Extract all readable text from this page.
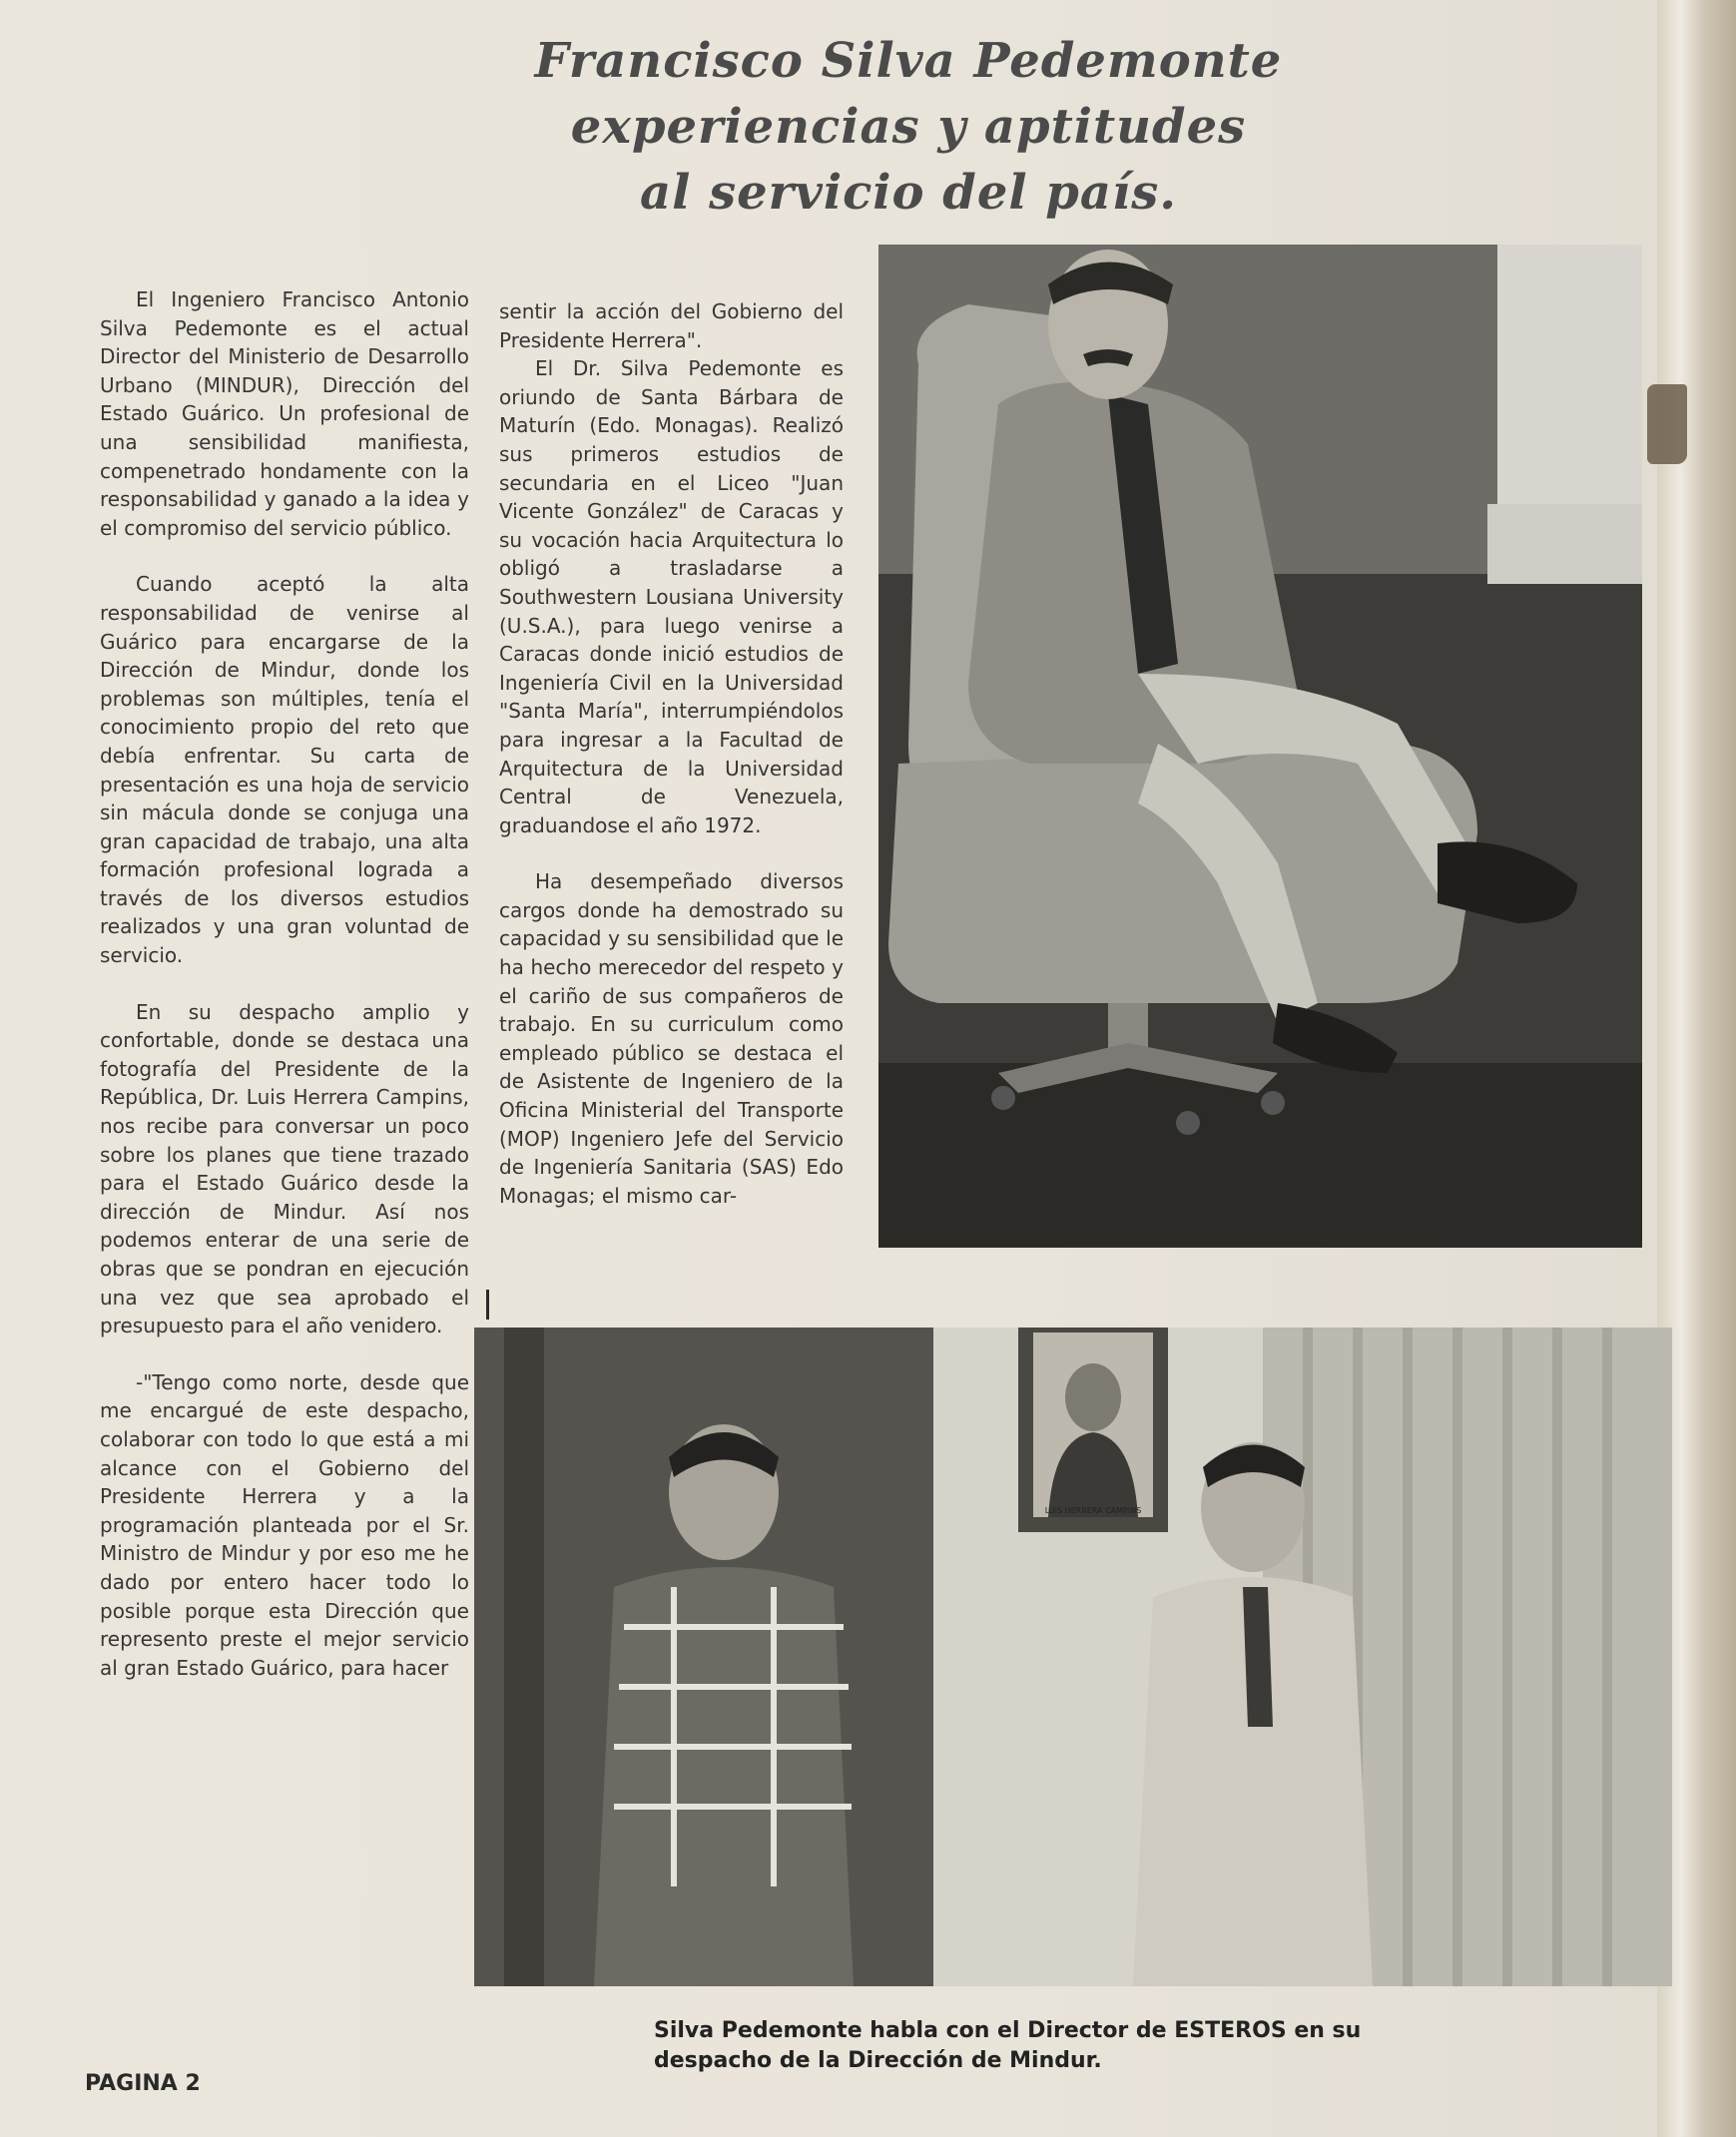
Francisco Silva Pedemonte
experiencias y aptitudes
al servicio del país.

El Ingeniero Francisco Antonio Silva Pedemonte es el actual Director del Ministerio de Desarrollo Urbano (MINDUR), Dirección del Estado Guárico. Un profesional de una sensibilidad manifiesta, compenetrado hondamente con la responsabilidad y ganado a la idea y el compromiso del servicio público.

Cuando aceptó la alta responsabilidad de venirse al Guárico para encargarse de la Dirección de Mindur, donde los problemas son múltiples, tenía el conocimiento propio del reto que debía enfrentar. Su carta de presentación es una hoja de servicio sin mácula donde se conjuga una gran capacidad de trabajo, una alta formación profesional lograda a través de los diversos estudios realizados y una gran voluntad de servicio.

En su despacho amplio y confortable, donde se destaca una fotografía del Presidente de la República, Dr. Luis Herrera Campins, nos recibe para conversar un poco sobre los planes que tiene trazado para el Estado Guárico desde la dirección de Mindur. Así nos podemos enterar de una serie de obras que se pondran en ejecución una vez que sea aprobado el presupuesto para el año venidero.

-"Tengo como norte, desde que me encargué de este despacho, colaborar con todo lo que está a mi alcance con el Gobierno del Presidente Herrera y a la programación planteada por el Sr. Ministro de Mindur y por eso me he dado por entero hacer todo lo posible porque esta Dirección que represento preste el mejor servicio al gran Estado Guárico, para hacer

sentir la acción del Gobierno del Presidente Herrera".

El Dr. Silva Pedemonte es oriundo de Santa Bárbara de Maturín (Edo. Monagas). Realizó sus primeros estudios de secundaria en el Liceo "Juan Vicente González" de Caracas y su vocación hacia Arquitectura lo obligó a trasladarse a Southwestern Lousiana University (U.S.A.), para luego venirse a Caracas donde inició estudios de Ingeniería Civil en la Universidad "Santa María", interrumpiéndolos para ingresar a la Facultad de Arquitectura de la Universidad Central de Venezuela, graduandose el año 1972.

Ha desempeñado diversos cargos donde ha demostrado su capacidad y su sensibilidad que le ha hecho merecedor del respeto y el cariño de sus compañeros de trabajo. En su curriculum como empleado público se destaca el de Asistente de Ingeniero de la Oficina Ministerial del Transporte (MOP) Ingeniero Jefe del Servicio de Ingeniería Sanitaria (SAS) Edo Monagas; el mismo car-

LUIS HERRERA CAMPINS
Silva Pedemonte habla con el Director de ESTEROS en su
despacho de la Dirección de Mindur.
PAGINA 2
